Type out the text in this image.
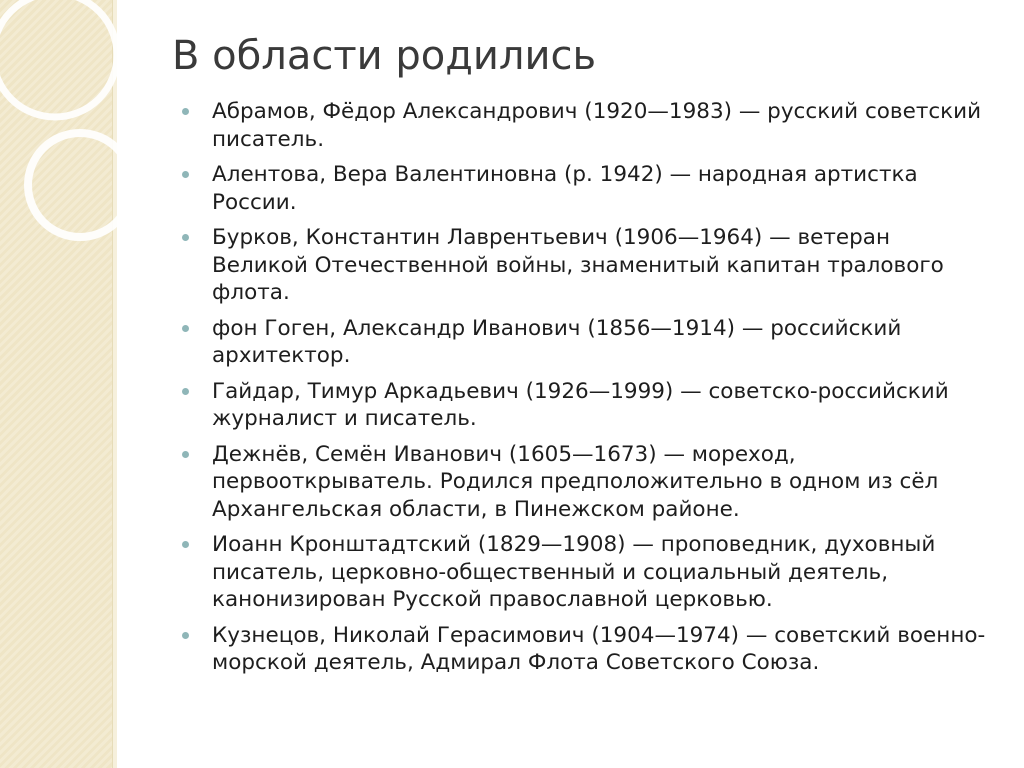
В области родились
Абрамов, Фёдор Александрович (1920—1983) — русский советский писатель.
Алентова, Вера Валентиновна (р. 1942) — народная артистка России.
Бурков, Константин Лаврентьевич (1906—1964) — ветеран Великой Отечественной войны, знаменитый капитан тралового флота.
фон Гоген, Александр Иванович (1856—1914) — российский архитектор.
Гайдар, Тимур Аркадьевич (1926—1999) — советско-российский журналист и писатель.
Дежнёв, Семён Иванович (1605—1673) — мореход, первооткрыватель. Родился предположительно в одном из сёл Архангельская области, в Пинежском районе.
Иоанн Кронштадтский (1829—1908) — проповедник, духовный писатель, церковно-общественный и социальный деятель, канонизирован Русской православной церковью.
Кузнецов, Николай Герасимович (1904—1974) — советский военно-морской деятель, Адмирал Флота Советского Союза.
